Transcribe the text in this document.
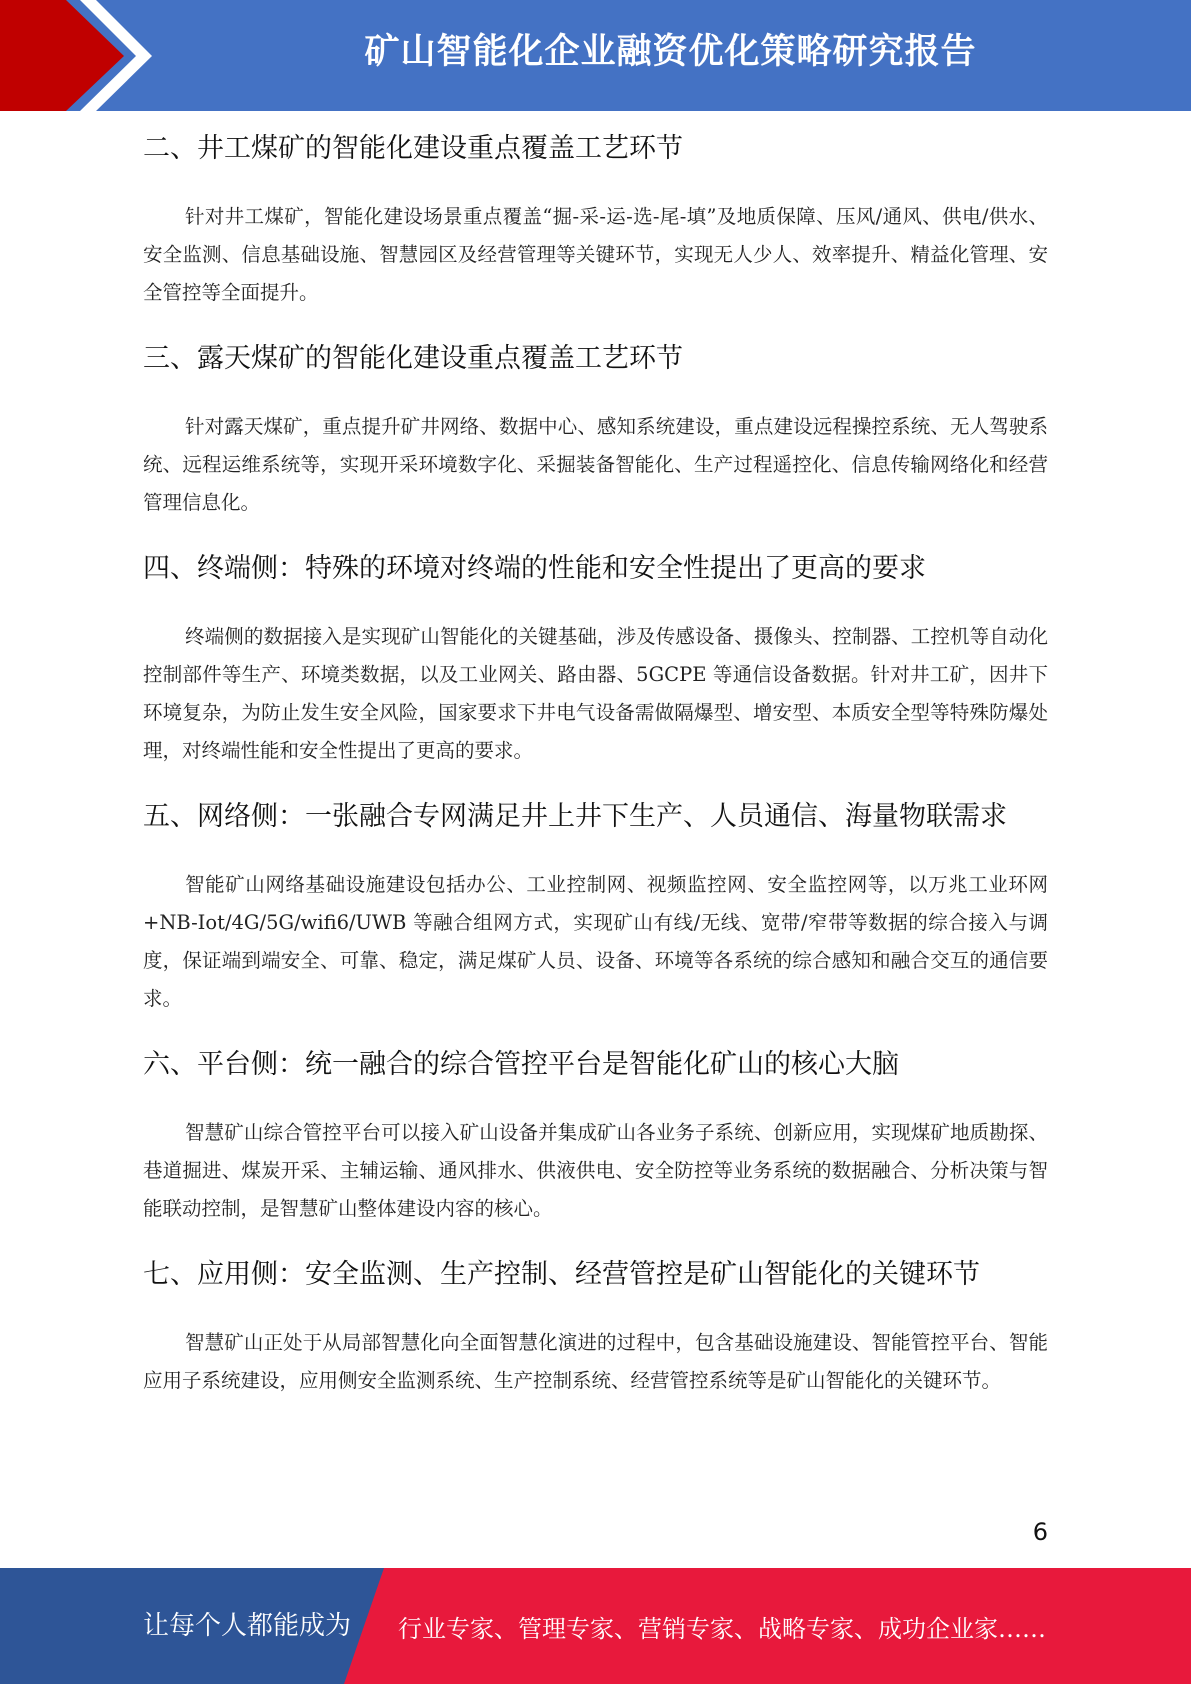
矿山智能化企业融资优化策略研究报告
二、井工煤矿的智能化建设重点覆盖工艺环节

针对井工煤矿，智能化建设场景重点覆盖“掘-采-运-选-尾-填”及地质保障、压风/通风、供电/供水、安全监测、信息基础设施、智慧园区及经营管理等关键环节，实现无人少人、效率提升、精益化管理、安全管控等全面提升。

三、露天煤矿的智能化建设重点覆盖工艺环节

针对露天煤矿，重点提升矿井网络、数据中心、感知系统建设，重点建设远程操控系统、无人驾驶系统、远程运维系统等，实现开采环境数字化、采掘装备智能化、生产过程遥控化、信息传输网络化和经营管理信息化。

四、终端侧：特殊的环境对终端的性能和安全性提出了更高的要求

终端侧的数据接入是实现矿山智能化的关键基础，涉及传感设备、摄像头、控制器、工控机等自动化控制部件等生产、环境类数据，以及工业网关、路由器、5GCPE 等通信设备数据。针对井工矿，因井下环境复杂，为防止发生安全风险，国家要求下井电气设备需做隔爆型、增安型、本质安全型等特殊防爆处理，对终端性能和安全性提出了更高的要求。

五、网络侧：一张融合专网满足井上井下生产、人员通信、海量物联需求

智能矿山网络基础设施建设包括办公、工业控制网、视频监控网、安全监控网等，以万兆工业环网+NB-Iot/4G/5G/wifi6/UWB 等融合组网方式，实现矿山有线/无线、宽带/窄带等数据的综合接入与调度，保证端到端安全、可靠、稳定，满足煤矿人员、设备、环境等各系统的综合感知和融合交互的通信要求。

六、平台侧：统一融合的综合管控平台是智能化矿山的核心大脑

智慧矿山综合管控平台可以接入矿山设备并集成矿山各业务子系统、创新应用，实现煤矿地质勘探、巷道掘进、煤炭开采、主辅运输、通风排水、供液供电、安全防控等业务系统的数据融合、分析决策与智能联动控制，是智慧矿山整体建设内容的核心。

七、应用侧：安全监测、生产控制、经营管控是矿山智能化的关键环节

智慧矿山正处于从局部智慧化向全面智慧化演进的过程中，包含基础设施建设、智能管控平台、智能应用子系统建设，应用侧安全监测系统、生产控制系统、经营管控系统等是矿山智能化的关键环节。

6
让每个人都能成为 行业专家、管理专家、营销专家、战略专家、成功企业家……
